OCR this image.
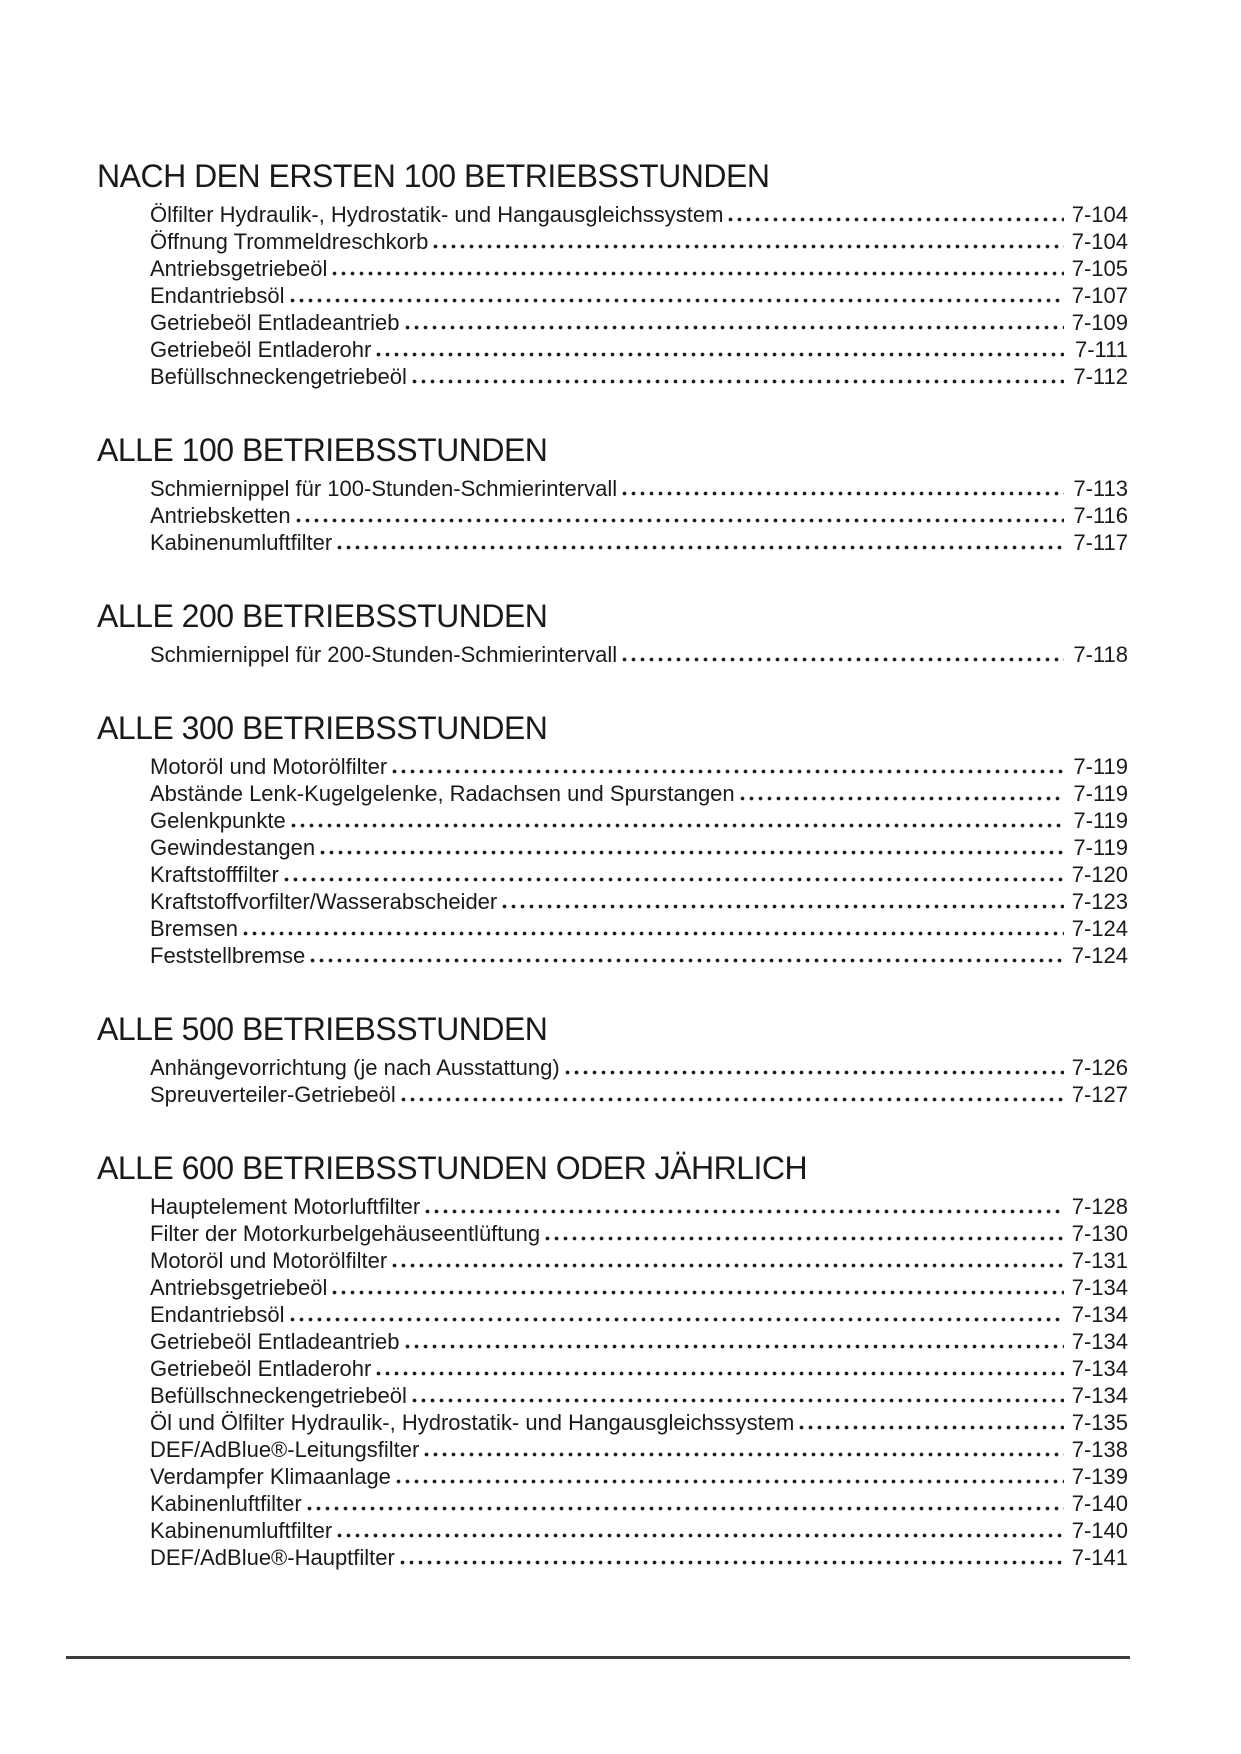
NACH DEN ERSTEN 100 BETRIEBSSTUNDEN
Ölfilter Hydraulik-, Hydrostatik- und Hangausgleichssystem	7-104
Öffnung Trommeldreschkorb	7-104
Antriebsgetriebeöl	7-105
Endantriebsöl	7-107
Getriebeöl Entladeantrieb	7-109
Getriebeöl Entladerohr	7-111
Befüllschneckengetriebeöl	7-112
ALLE 100 BETRIEBSSTUNDEN
Schmiernippel für 100-Stunden-Schmierintervall	7-113
Antriebsketten	7-116
Kabinenumluftfilter	7-117
ALLE 200 BETRIEBSSTUNDEN
Schmiernippel für 200-Stunden-Schmierintervall	7-118
ALLE 300 BETRIEBSSTUNDEN
Motoröl und Motorölfilter	7-119
Abstände Lenk-Kugelgelenke, Radachsen und Spurstangen	7-119
Gelenkpunkte	7-119
Gewindestangen	7-119
Kraftstofffilter	7-120
Kraftstoffvorfilter/Wasserabscheider	7-123
Bremsen	7-124
Feststellbremse	7-124
ALLE 500 BETRIEBSSTUNDEN
Anhängevorrichtung (je nach Ausstattung)	7-126
Spreuverteiler-Getriebeöl	7-127
ALLE 600 BETRIEBSSTUNDEN ODER JÄHRLICH
Hauptelement Motorluftfilter	7-128
Filter der Motorkurbelgehäuseentlüftung	7-130
Motoröl und Motorölfilter	7-131
Antriebsgetriebeöl	7-134
Endantriebsöl	7-134
Getriebeöl Entladeantrieb	7-134
Getriebeöl Entladerohr	7-134
Befüllschneckengetriebeöl	7-134
Öl und Ölfilter Hydraulik-, Hydrostatik- und Hangausgleichssystem	7-135
DEF/AdBlue®-Leitungsfilter	7-138
Verdampfer Klimaanlage	7-139
Kabinenluftfilter	7-140
Kabinenumluftfilter	7-140
DEF/AdBlue®-Hauptfilter	7-141
